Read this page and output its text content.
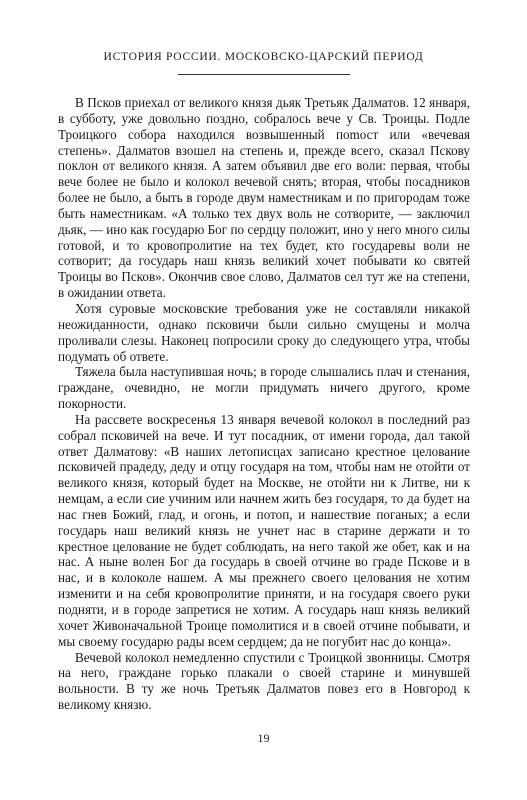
ИСТОРИЯ РОССИИ. МОСКОВСКО-ЦАРСКИЙ ПЕРИОД

В Псков приехал от великого князя дьяк Третьяк Далматов. 12 января, в субботу, уже довольно поздно, собралось вече у Св. Троицы. Подле Троицкого собора находился возвышенный поmост или «вечевая степень». Далматов взошел на степень и, прежде всего, сказал Пскову поклон от великого князя. А затем объявил две его воли: первая, чтобы вече более не было и колокол вечевой снять; вторая, чтобы посадников более не было, а быть в городе двум наместникам и по пригородам тоже быть наместникам. «А только тех двух воль не сотворите, — заключил дьяк, — ино как государю Бог по сердцу положит, ино у него много силы готовой, и то кровопролитие на тех будет, кто государевы воли не сотворит; да государь наш князь великий хочет побывати ко святей Троицы во Псков». Окончив свое слово, Далматов сел тут же на степени, в ожидании ответа.

Хотя суровые московские требования уже не составляли никакой неожиданности, однако псковичи были сильно смущены и молча проливали слезы. Наконец попросили сроку до следующего утра, чтобы подумать об ответе.

Тяжела была наступившая ночь; в городе слышались плач и стенания, граждане, очевидно, не могли придумать ничего другого, кроме покорности.

На рассвете воскресенья 13 января вечевой колокол в последний раз собрал псковичей на вече. И тут посадник, от имени города, дал такой ответ Далматову: «В наших летописцах записано крестное целование псковичей прадеду, деду и отцу государя на том, чтобы нам не отойти от великого князя, который будет на Москве, не отойти ни к Литве, ни к немцам, а если сие учиним или начнем жить без государя, то да будет на нас гнев Божий, глад, и огонь, и потоп, и нашествие поганых; а если государь наш великий князь не учнет нас в старине держати и то крестное целование не будет соблюдать, на него такой же обет, как и на нас. А ныне волен Бог да государь в своей отчине во граде Пскове и в нас, и в колоколе нашем. А мы прежнего своего целования не хотим изменити и на себя кровопролитие приняти, и на государя своего руки подняти, и в городе запретися не хотим. А государь наш князь великий хочет Живоначальной Троице помолитися и в своей отчине побывати, и мы своему государю рады всем сердцем; да не погубит нас до конца».

Вечевой колокол немедленно спустили с Троицкой звонницы. Смотря на него, граждане горько плакали о своей старине и минувшей вольности. В ту же ночь Третьяк Далматов повез его в Новгород к великому князю.

19
